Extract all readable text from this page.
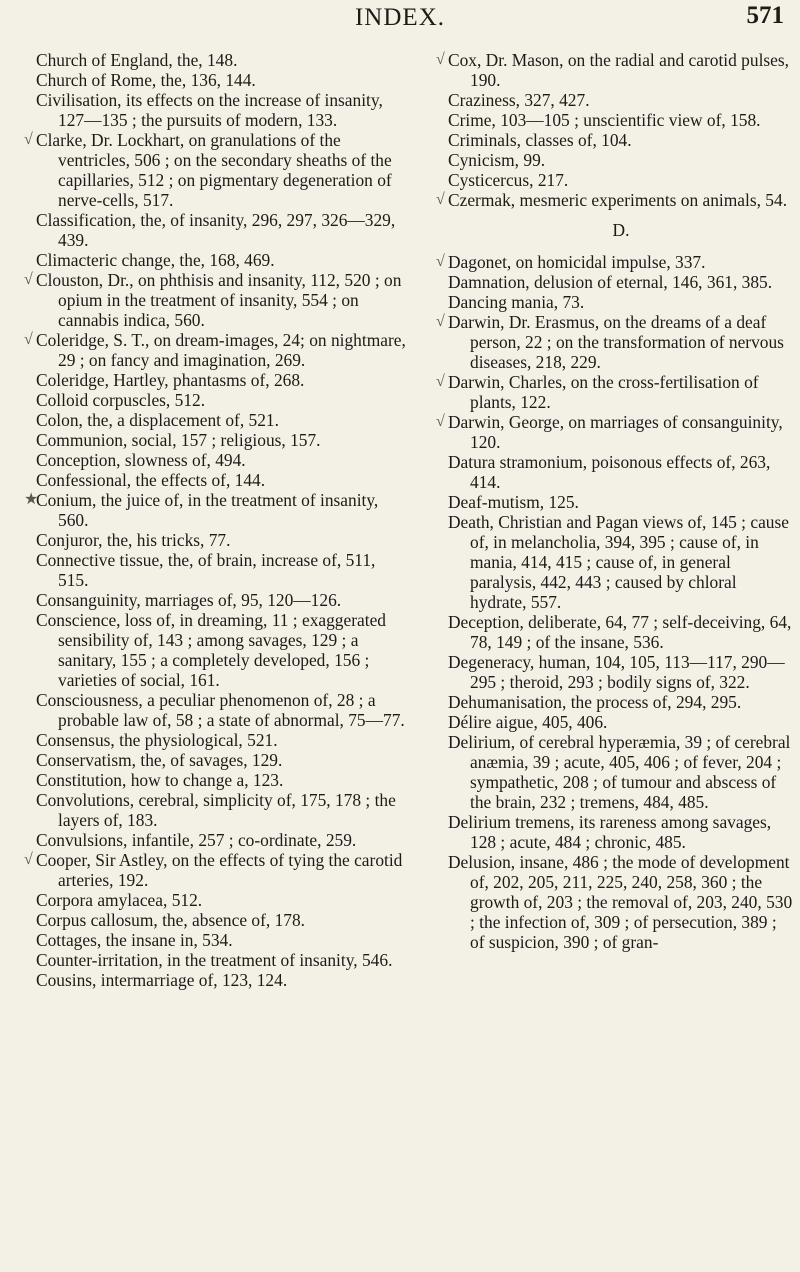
INDEX.	571

Church of England, the, 148.

Church of Rome, the, 136, 144.

Civilisation, its effects on the increase of insanity, 127—135 ; the pursuits of modern, 133.

√ Clarke, Dr. Lockhart, on granulations of the ventricles, 506 ; on the secondary sheaths of the capillaries, 512 ; on pigmentary degeneration of nerve-cells, 517.

Classification, the, of insanity, 296, 297, 326—329, 439.

Climacteric change, the, 168, 469.

√ Clouston, Dr., on phthisis and insanity, 112, 520 ; on opium in the treatment of insanity, 554 ; on cannabis indica, 560.

√ Coleridge, S. T., on dream-images, 24; on nightmare, 29 ; on fancy and imagination, 269.

Coleridge, Hartley, phantasms of, 268.

Colloid corpuscles, 512.

Colon, the, a displacement of, 521.

Communion, social, 157 ; religious, 157.

Conception, slowness of, 494.

Confessional, the effects of, 144.

★
Conium, the juice of, in the treatment of insanity, 560.

Conjuror, the, his tricks, 77.

Connective tissue, the, of brain, increase of, 511, 515.

Consanguinity, marriages of, 95, 120—126.

Conscience, loss of, in dreaming, 11 ; exaggerated sensibility of, 143 ; among savages, 129 ; a sanitary, 155 ; a completely developed, 156 ; varieties of social, 161.

Consciousness, a peculiar phenomenon of, 28 ; a probable law of, 58 ; a state of abnormal, 75—77.

Consensus, the physiological, 521.

Conservatism, the, of savages, 129.

Constitution, how to change a, 123.

Convolutions, cerebral, simplicity of, 175, 178 ; the layers of, 183.

Convulsions, infantile, 257 ; co-ordinate, 259.

√ Cooper, Sir Astley, on the effects of tying the carotid arteries, 192.

Corpora amylacea, 512.

Corpus callosum, the, absence of, 178.

Cottages, the insane in, 534.

Counter-irritation, in the treatment of insanity, 546.

Cousins, intermarriage of, 123, 124.

√ Cox, Dr. Mason, on the radial and carotid pulses, 190.

Craziness, 327, 427.

Crime, 103—105 ; unscientific view of, 158.

Criminals, classes of, 104.

Cynicism, 99.

Cysticercus, 217.

√ Czermak, mesmeric experiments on animals, 54.

D.

√ Dagonet, on homicidal impulse, 337.

Damnation, delusion of eternal, 146, 361, 385.

Dancing mania, 73.

√ Darwin, Dr. Erasmus, on the dreams of a deaf person, 22 ; on the transformation of nervous diseases, 218, 229.

√ Darwin, Charles, on the cross-fertilisation of plants, 122.

√ Darwin, George, on marriages of consanguinity, 120.

Datura stramonium, poisonous effects of, 263, 414.

Deaf-mutism, 125.

Death, Christian and Pagan views of, 145 ; cause of, in melancholia, 394, 395 ; cause of, in mania, 414, 415 ; cause of, in general paralysis, 442, 443 ; caused by chloral hydrate, 557.

Deception, deliberate, 64, 77 ; self-deceiving, 64, 78, 149 ; of the insane, 536.

Degeneracy, human, 104, 105, 113—117, 290—295 ; theroid, 293 ; bodily signs of, 322.

Dehumanisation, the process of, 294, 295.

Délire aigue, 405, 406.

Delirium, of cerebral hyperæmia, 39 ; of cerebral anæmia, 39 ; acute, 405, 406 ; of fever, 204 ; sympathetic, 208 ; of tumour and abscess of the brain, 232 ; tremens, 484, 485.

Delirium tremens, its rareness among savages, 128 ; acute, 484 ; chronic, 485.

Delusion, insane, 486 ; the mode of development of, 202, 205, 211, 225, 240, 258, 360 ; the growth of, 203 ; the removal of, 203, 240, 530 ; the infection of, 309 ; of persecution, 389 ; of suspicion, 390 ; of gran-
